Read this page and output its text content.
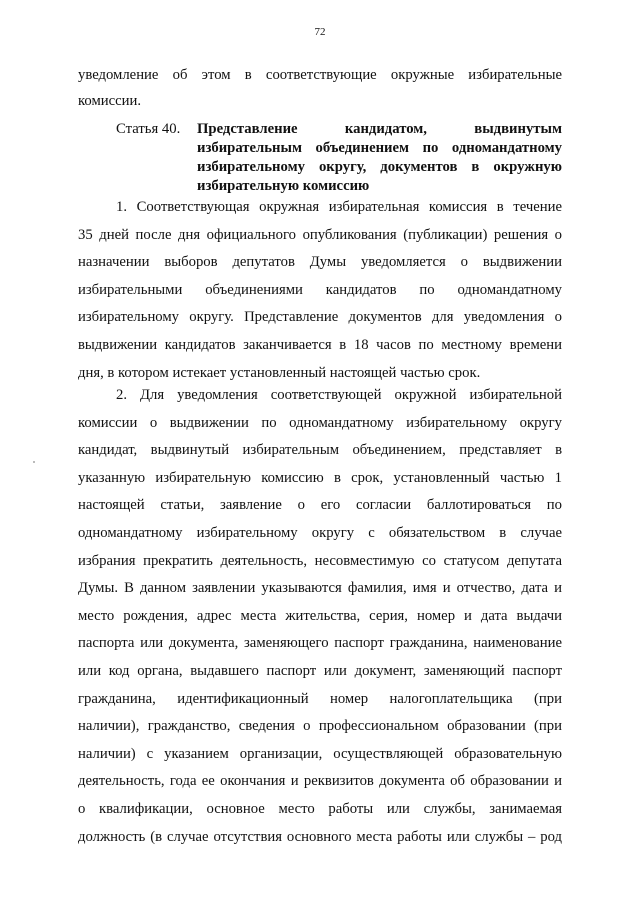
72
уведомление об этом в соответствующие окружные избирательные
комиссии.
Статья 40. Представление кандидатом, выдвинутым
избирательным объединением по одномандатному
избирательному округу, документов в окружную
избирательную комиссию
1. Соответствующая окружная избирательная комиссия в течение
35 дней после дня официального опубликования (публикации) решения о
назначении выборов депутатов Думы уведомляется о выдвижении
избирательными объединениями кандидатов по одномандатному
избирательному округу. Представление документов для уведомления о
выдвижении кандидатов заканчивается в 18 часов по местному времени
дня, в котором истекает установленный настоящей частью срок.
2. Для уведомления соответствующей окружной избирательной
комиссии о выдвижении по одномандатному избирательному округу
кандидат, выдвинутый избирательным объединением, представляет в
указанную избирательную комиссию в срок, установленный частью 1
настоящей статьи, заявление о его согласии баллотироваться по
одномандатному избирательному округу с обязательством в случае
избрания прекратить деятельность, несовместимую со статусом депутата
Думы. В данном заявлении указываются фамилия, имя и отчество, дата и
место рождения, адрес места жительства, серия, номер и дата выдачи
паспорта или документа, заменяющего паспорт гражданина, наименование
или код органа, выдавшего паспорт или документ, заменяющий паспорт
гражданина, идентификационный номер налогоплательщика (при
наличии), гражданство, сведения о профессиональном образовании (при
наличии) с указанием организации, осуществляющей образовательную
деятельность, года ее окончания и реквизитов документа об образовании и
о квалификации, основное место работы или службы, занимаемая
должность (в случае отсутствия основного места работы или службы – род
